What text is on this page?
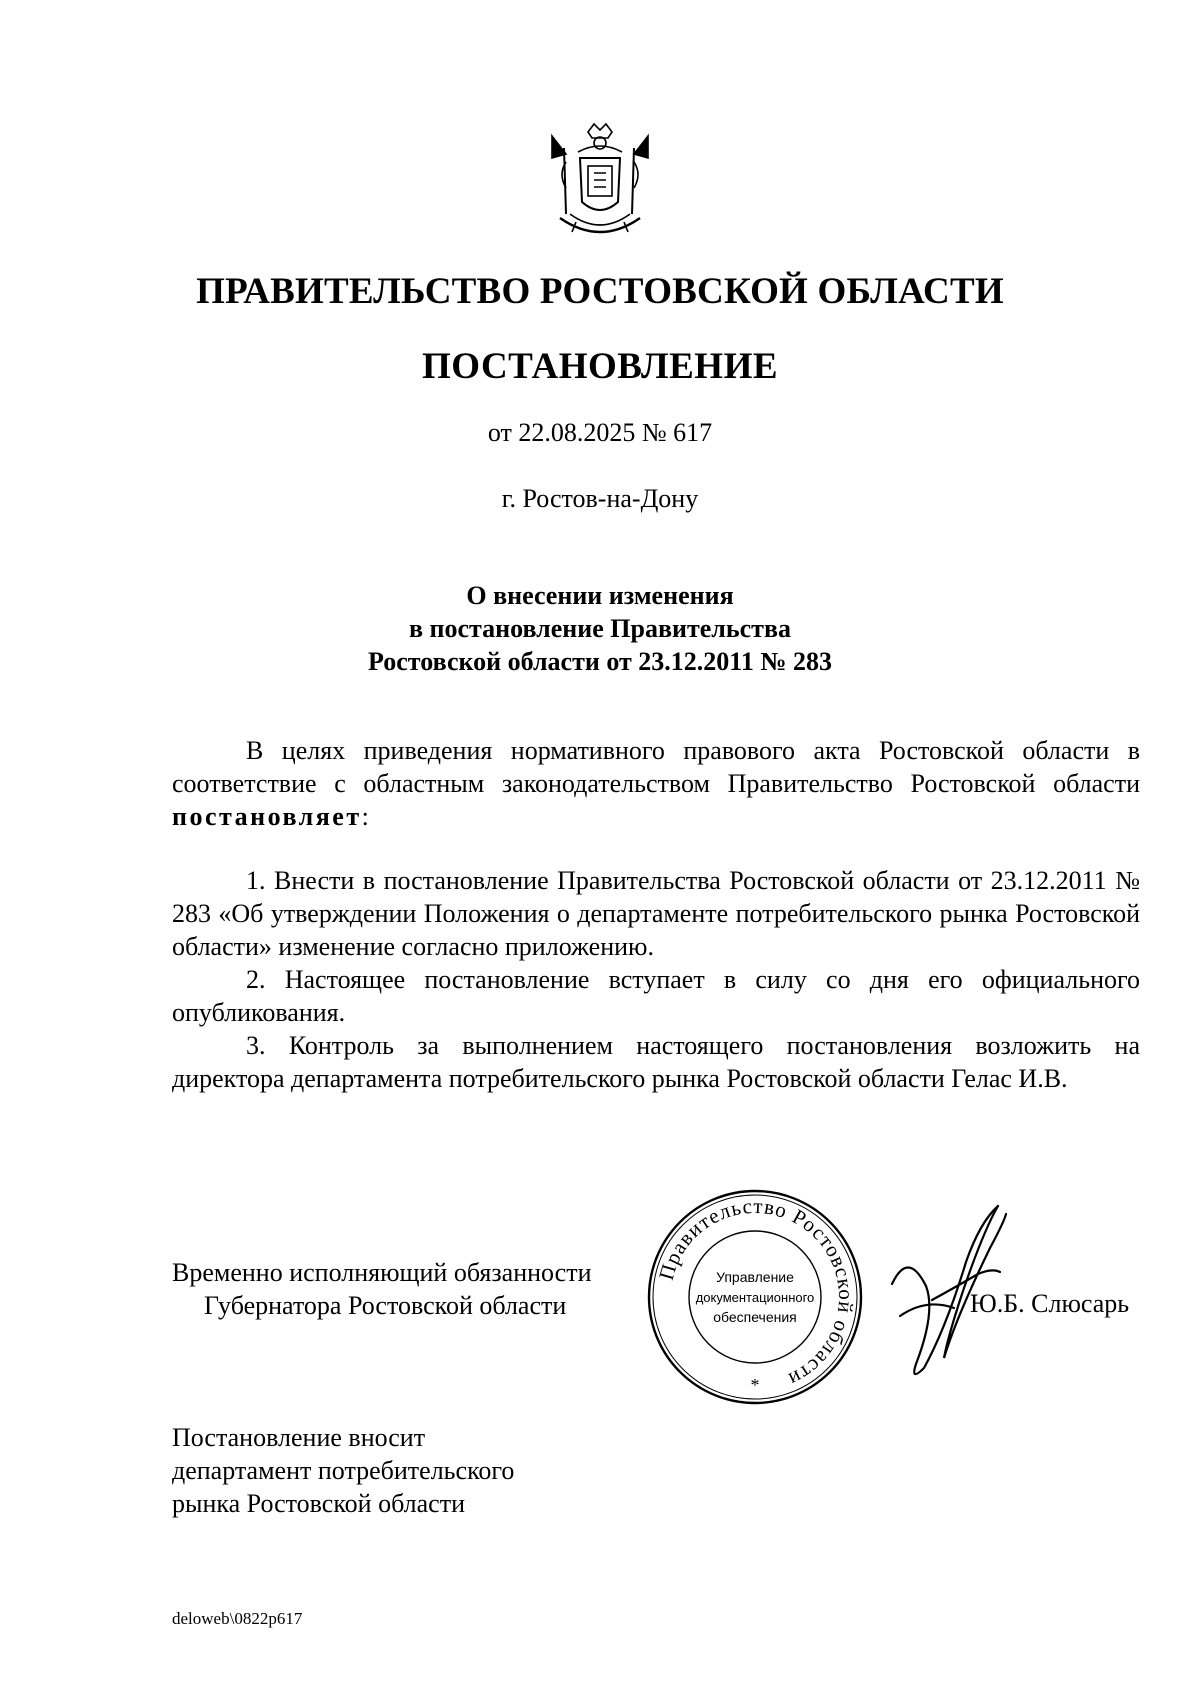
ПРАВИТЕЛЬСТВО РОСТОВСКОЙ ОБЛАСТИ
ПОСТАНОВЛЕНИЕ
от 22.08.2025 № 617
г. Ростов-на-Дону
О внесении изменения
в постановление Правительства
Ростовской области от 23.12.2011 № 283

В целях приведения нормативного правового акта Ростовской области в соответствие с областным законодательством Правительство Ростовской области постановляет:

1. Внести в постановление Правительства Ростовской области от 23.12.2011 № 283 «Об утверждении Положения о департаменте потребительского рынка Ростовской области» изменение согласно приложению.

2. Настоящее постановление вступает в силу со дня его официального опубликования.

3. Контроль за выполнением настоящего постановления возложить на директора департамента потребительского рынка Ростовской области Гелас И.В.

Временно исполняющий обязанности
Губернатора Ростовской области
Правительство Ростовской области
Управление
документационного
обеспечения
*
Ю.Б. Слюсарь
Постановление вносит
департамент потребительского
рынка Ростовской области
deloweb\0822p617
